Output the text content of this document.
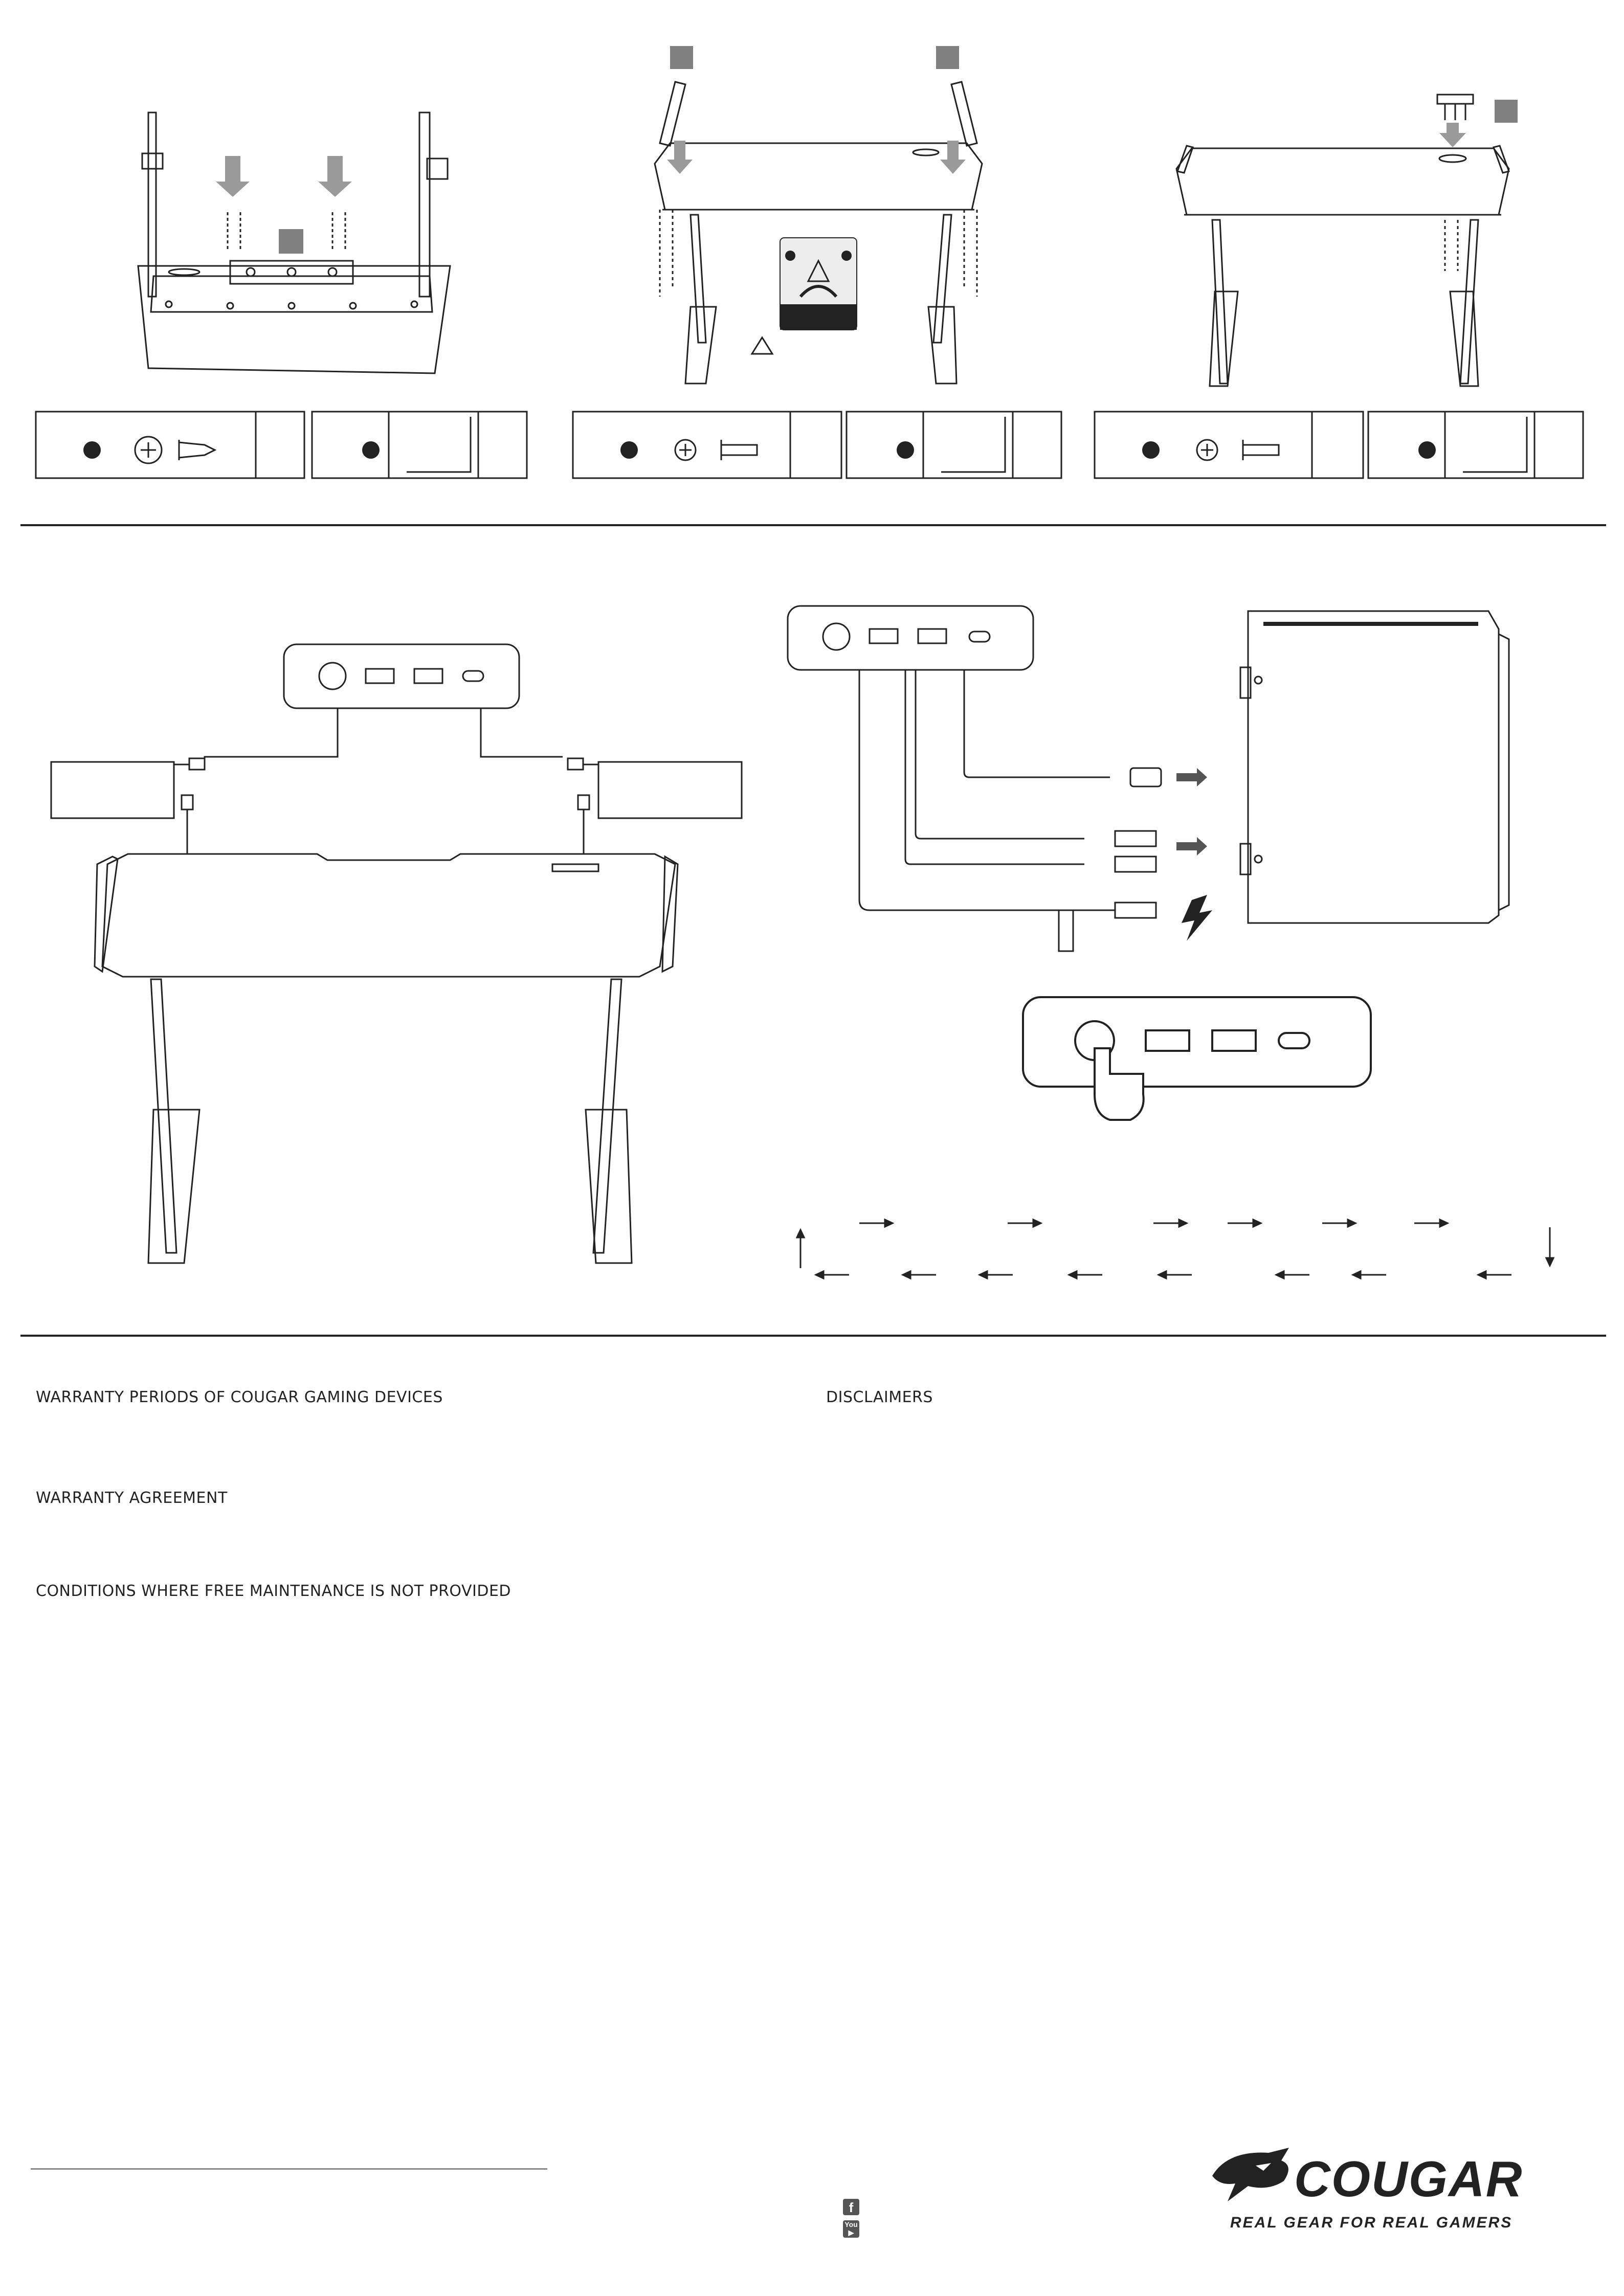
WARRANTY PERIODS OF COUGAR GAMING DEVICES
WARRANTY AGREEMENT
CONDITIONS WHERE FREE MAINTENANCE IS NOT PROVIDED
DISCLAIMERS
f
You
▶
COUGAR
REAL GEAR FOR REAL GAMERS
